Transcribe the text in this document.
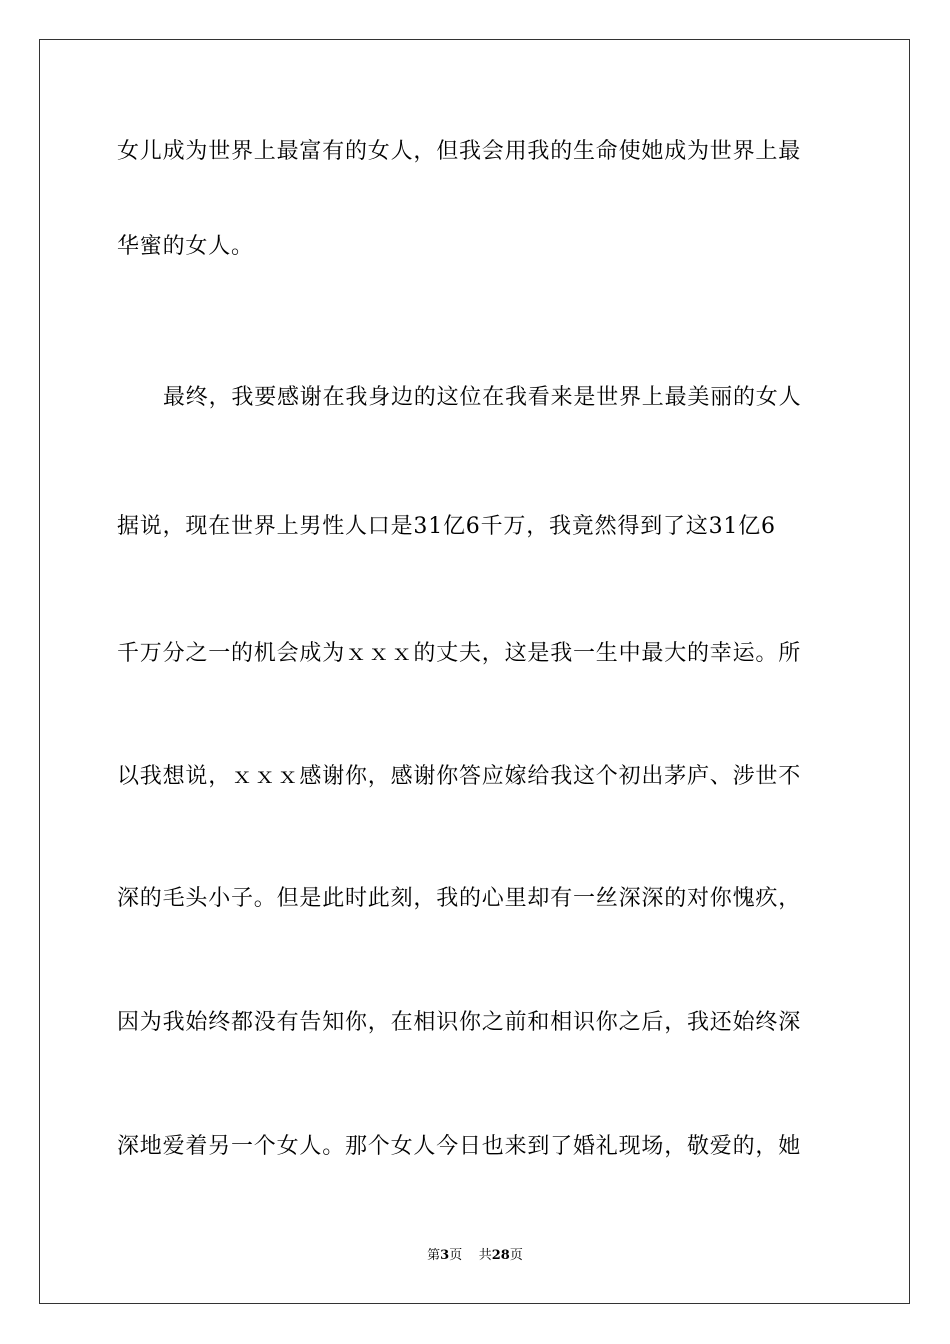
女儿成为世界上最富有的女人，但我会用我的生命使她成为世界上最
华蜜的女人。
最终，我要感谢在我身边的这位在我看来是世界上最美丽的女人
据说，现在世界上男性人口是31亿6千万，我竟然得到了这31亿6
千万分之一的机会成为ｘｘｘ的丈夫，这是我一生中最大的幸运。所
以我想说，ｘｘｘ感谢你，感谢你答应嫁给我这个初出茅庐、涉世不
深的毛头小子。但是此时此刻，我的心里却有一丝深深的对你愧疚，
因为我始终都没有告知你，在相识你之前和相识你之后，我还始终深
深地爱着另一个女人。那个女人今日也来到了婚礼现场，敬爱的，她
第3页 共28页
